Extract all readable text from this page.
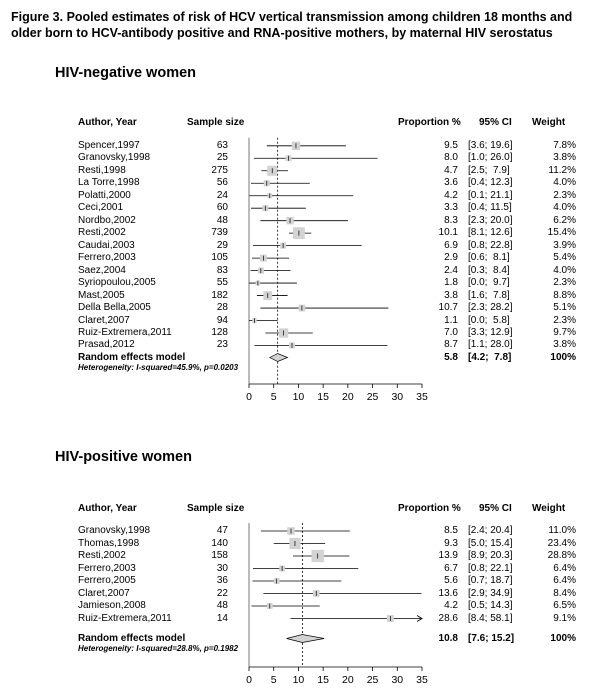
Figure 3. Pooled estimates of risk of HCV vertical transmission among children 18 months and older born to HCV-antibody positive and RNA-positive mothers, by maternal HIV serostatus
HIV-negative women
Author, Year	Sample size	Proportion % 95% CI Weight
Spencer,1997	63	9.5 [3.6; 19.6]	7.8%
Granovsky,1998	25	8.0 [1.0; 26.0]	3.8%
Resti,1998	275	4.7 [2.5;  7.9]	11.2%
La Torre,1998	56	3.6 [0.4; 12.3]	4.0%
Polatti,2000	24	4.2 [0.1; 21.1]	2.3%
Ceci,2001	60	3.3 [0.4; 11.5]	4.0%
Nordbo,2002	48	8.3 [2.3; 20.0]	6.2%
Resti,2002	739	10.1 [8.1; 12.6]	15.4%
Caudai,2003	29	6.9 [0.8; 22.8]	3.9%
Ferrero,2003	105	2.9 [0.6;  8.1]	5.4%
Saez,2004	83	2.4 [0.3;  8.4]	4.0%
Syriopoulou,2005	55	1.8 [0.0;  9.7]	2.3%
Mast,2005	182	3.8 [1.6;  7.8]	8.8%
Della Bella,2005	28	10.7 [2.3; 28.2]	5.1%
Claret,2007	94	1.1 [0.0;  5.8]	2.3%
Ruiz-Extremera,2011	128	7.0 [3.3; 12.9]	9.7%
Prasad,2012	23	8.7 [1.1; 28.0]	3.8%
Random effects model	5.8 [4.2;  7.8]	100%
Heterogeneity: I-squared=45.9%, p=0.0203
0	5	10	15	20	25	30	35
HIV-positive women
Author, Year	Sample size	Proportion % 95% CI Weight
Granovsky,1998	47	8.5 [2.4; 20.4]	11.0%
Thomas,1998	140	9.3 [5.0; 15.4]	23.4%
Resti,2002	158	13.9 [8.9; 20.3]	28.8%
Ferrero,2003	30	6.7 [0.8; 22.1]	6.4%
Ferrero,2005	36	5.6 [0.7; 18.7]	6.4%
Claret,2007	22	13.6 [2.9; 34.9]	8.4%
Jamieson,2008	48	4.2 [0.5; 14.3]	6.5%
Ruiz-Extremera,2011	14	28.6 [8.4; 58.1]	9.1%
Random effects model	10.8 [7.6; 15.2]	100%
Heterogeneity: I-squared=28.8%, p=0.1982
0	5	10	15	20	25	30	35
